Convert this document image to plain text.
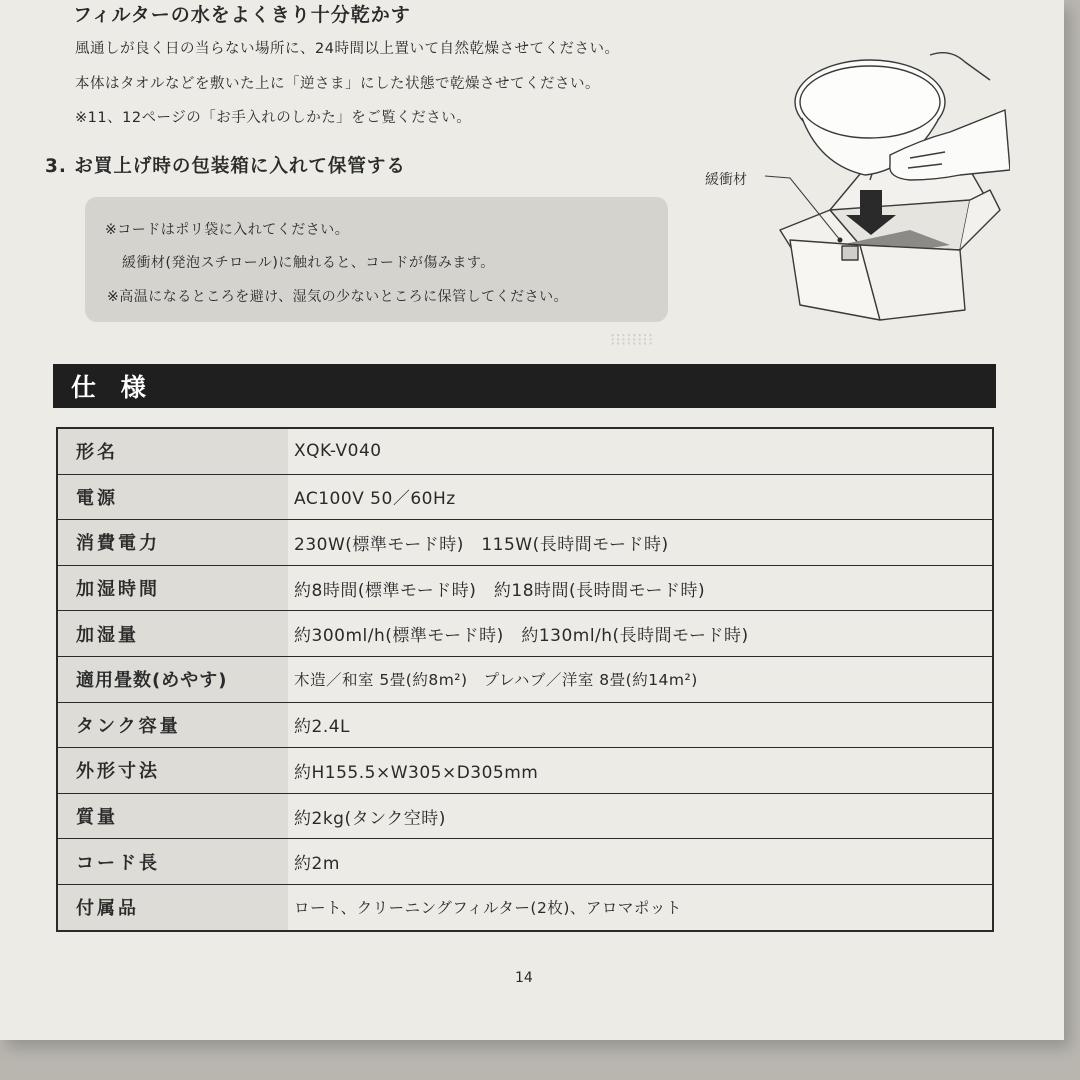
⁝⁝⁝⁝⁝⁝⁝⁝
フィルターの水をよくきり十分乾かす
風通しが良く日の当らない場所に、24時間以上置いて自然乾燥させてください。
本体はタオルなどを敷いた上に「逆さま」にした状態で乾燥させてください。
※11、12ページの「お手入れのしかた」をご覧ください。
3. お買上げ時の包装箱に入れて保管する
※コードはポリ袋に入れてください。
緩衝材(発泡スチロール)に触れると、コードが傷みます。
※高温になるところを避け、湿気の少ないところに保管してください。
緩衝材
仕 様
形名	XQK-V040
電源	AC100V 50／60Hz
消費電力	230W(標準モード時)　115W(長時間モード時)
加湿時間	約8時間(標準モード時)　約18時間(長時間モード時)
加湿量	約300ml/h(標準モード時)　約130ml/h(長時間モード時)
適用畳数(めやす)	木造／和室 5畳(約8m²)　プレハブ／洋室 8畳(約14m²)
タンク容量	約2.4L
外形寸法	約H155.5×W305×D305mm
質量	約2kg(タンク空時)
コード長	約2m
付属品	ロート、クリーニングフィルター(2枚)、アロマポット
14
